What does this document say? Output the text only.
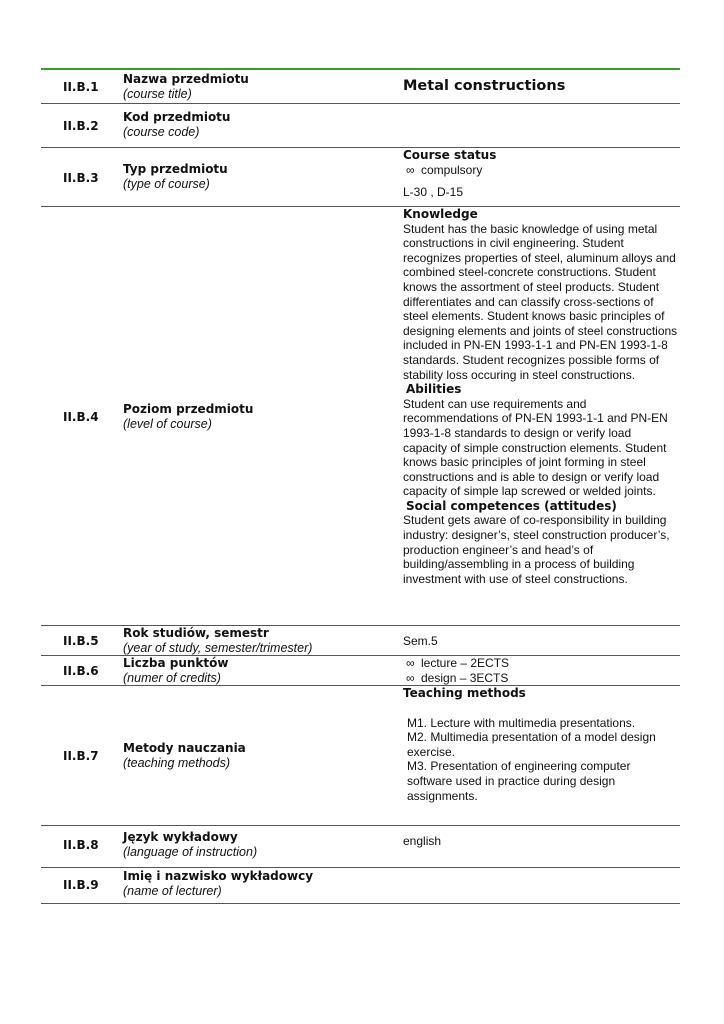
II.B.1
Nazwa przedmiotu
(course title)	Metal constructions
II.B.2
Kod przedmiotu
(course code)
II.B.3
Typ przedmiotu
(type of course)
Course status
∞ compulsory
L-30 , D-15
II.B.4
Poziom przedmiotu
(level of course)
Knowledge

Student has the basic knowledge of using metal constructions in civil engineering. Student recognizes properties of steel, aluminum alloys and combined steel-concrete constructions. Student knows the assortment of steel products. Student differentiates and can classify cross-sections of steel elements. Student knows basic principles of designing elements and joints of steel constructions included in PN-EN 1993-1-1 and PN-EN 1993-1-8 standards. Student recognizes possible forms of stability loss occuring in steel constructions.

Abilities

Student can use requirements and recommendations of PN-EN 1993-1-1 and PN-EN 1993-1-8 standards to design or verify load capacity of simple construction elements. Student knows basic principles of joint forming in steel constructions and is able to design or verify load capacity of simple lap screwed or welded joints.

Social competences (attitudes)

Student gets aware of co-responsibility in building industry: designer’s, steel construction producer’s, production engineer’s and head’s of building/assembling in a process of building investment with use of steel constructions.

II.B.5
Rok studiów, semestr
(year of study, semester/trimester)	Sem.5
II.B.6
Liczba punktów
(numer of credits)
∞ lecture – 2ECTS
∞ design – 3ECTS
II.B.7
Metody nauczania
(teaching methods)
Teaching methods
M1. Lecture with multimedia presentations.
M2. Multimedia presentation of a model design exercise.
M3. Presentation of engineering computer software used in practice during design assignments.
II.B.8
Język wykładowy
(language of instruction)
english
II.B.9
Imię i nazwisko wykładowcy
(name of lecturer)
